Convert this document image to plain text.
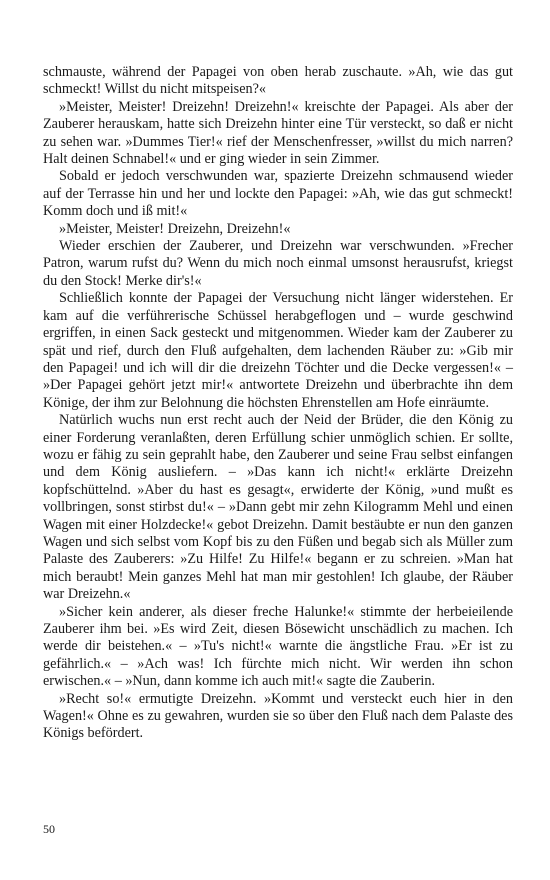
schmauste, während der Papagei von oben herab zuschaute. »Ah, wie das gut schmeckt! Willst du nicht mitspeisen?«

»Meister, Meister! Dreizehn! Dreizehn!« kreischte der Papagei. Als aber der Zauberer herauskam, hatte sich Dreizehn hinter eine Tür versteckt, so daß er nicht zu sehen war. »Dummes Tier!« rief der Menschenfresser, »willst du mich narren? Halt deinen Schnabel!« und er ging wieder in sein Zimmer.

Sobald er jedoch verschwunden war, spazierte Dreizehn schmausend wieder auf der Terrasse hin und her und lockte den Papagei: »Ah, wie das gut schmeckt! Komm doch und iß mit!«

»Meister, Meister! Dreizehn, Dreizehn!«

Wieder erschien der Zauberer, und Dreizehn war verschwunden. »Frecher Patron, warum rufst du? Wenn du mich noch einmal umsonst herausrufst, kriegst du den Stock! Merke dir's!«

Schließlich konnte der Papagei der Versuchung nicht länger widerstehen. Er kam auf die verführerische Schüssel herabgeflogen und – wurde geschwind ergriffen, in einen Sack gesteckt und mitgenommen. Wieder kam der Zauberer zu spät und rief, durch den Fluß aufgehalten, dem lachenden Räuber zu: »Gib mir den Papagei! und ich will dir die dreizehn Töchter und die Decke vergessen!« – »Der Papagei gehört jetzt mir!« antwortete Dreizehn und überbrachte ihn dem Könige, der ihm zur Belohnung die höchsten Ehrenstellen am Hofe einräumte.

Natürlich wuchs nun erst recht auch der Neid der Brüder, die den König zu einer Forderung veranlaßten, deren Erfüllung schier unmöglich schien. Er sollte, wozu er fähig zu sein geprahlt habe, den Zauberer und seine Frau selbst einfangen und dem König ausliefern. – »Das kann ich nicht!« erklärte Dreizehn kopfschüttelnd. »Aber du hast es gesagt«, erwiderte der König, »und mußt es vollbringen, sonst stirbst du!« – »Dann gebt mir zehn Kilogramm Mehl und einen Wagen mit einer Holzdecke!« gebot Dreizehn. Damit bestäubte er nun den ganzen Wagen und sich selbst vom Kopf bis zu den Füßen und begab sich als Müller zum Palaste des Zauberers: »Zu Hilfe! Zu Hilfe!« begann er zu schreien. »Man hat mich beraubt! Mein ganzes Mehl hat man mir gestohlen! Ich glaube, der Räuber war Dreizehn.«

»Sicher kein anderer, als dieser freche Halunke!« stimmte der herbeieilende Zauberer ihm bei. »Es wird Zeit, diesen Bösewicht unschädlich zu machen. Ich werde dir beistehen.« – »Tu's nicht!« warnte die ängstliche Frau. »Er ist zu gefährlich.« – »Ach was! Ich fürchte mich nicht. Wir werden ihn schon erwischen.« – »Nun, dann komme ich auch mit!« sagte die Zauberin.

»Recht so!« ermutigte Dreizehn. »Kommt und versteckt euch hier in den Wagen!« Ohne es zu gewahren, wurden sie so über den Fluß nach dem Palaste des Königs befördert.

50
